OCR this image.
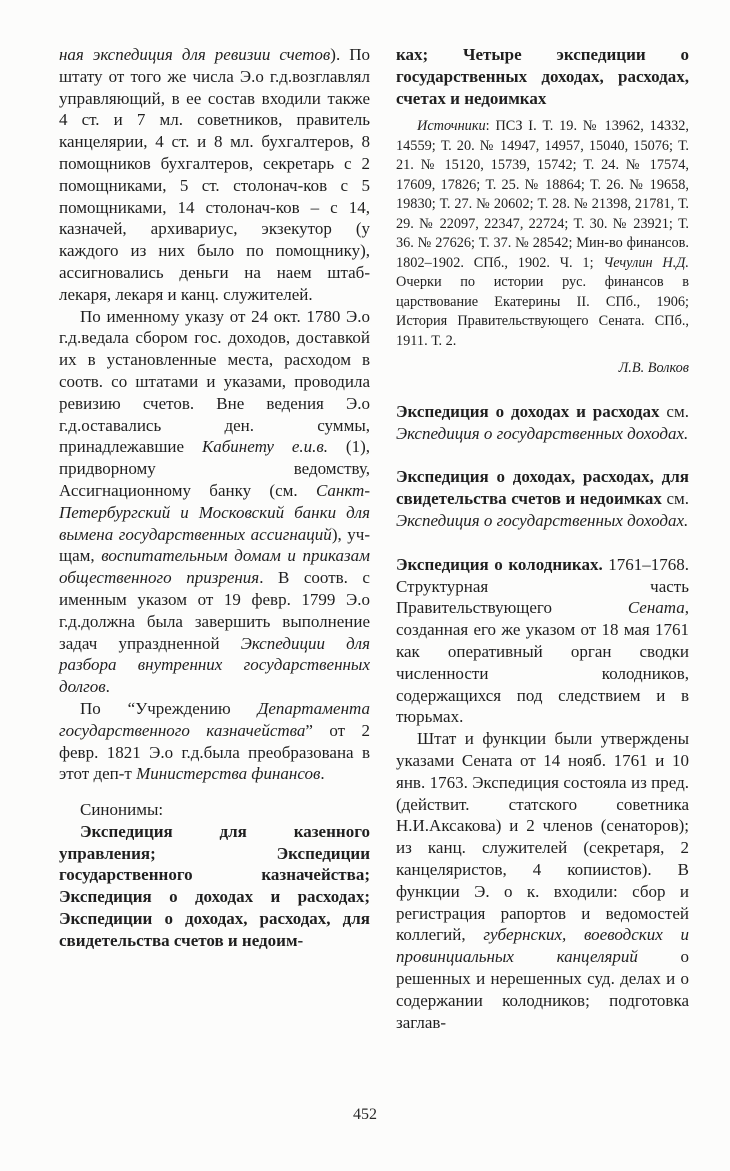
ная экспедиция для ревизии счетов). По штату от того же числа Э.о г.д.возглавлял управляющий, в ее состав входили также 4 ст. и 7 мл. советников, правитель канцелярии, 4 ст. и 8 мл. бухгалтеров, 8 помощников бухгалтеров, секретарь с 2 помощниками, 5 ст. столонач-ков с 5 помощниками, 14 столонач-ков – с 14, казначей, архивариус, экзекутор (у каждого из них было по помощнику), ассигновались деньги на наем штаб-лекаря, лекаря и канц. служителей.

По именному указу от 24 окт. 1780 Э.о г.д.ведала сбором гос. доходов, доставкой их в установленные места, расходом в соотв. со штатами и указами, проводила ревизию счетов. Вне ведения Э.о г.д.оставались ден. суммы, принадлежавшие Кабинету е.и.в. (1), придворному ведомству, Ассигнационному банку (см. Санкт-Петербургский и Московский банки для вымена государственных ассигнаций), уч-щам, воспитательным домам и приказам общественного призрения. В соотв. с именным указом от 19 февр. 1799 Э.о г.д.должна была завершить выполнение задач упраздненной Экспедиции для разбора внутренних государственных долгов.

По “Учреждению Департамента государственного казначейства” от 2 февр. 1821 Э.о г.д.была преобразована в этот деп-т Министерства финансов.

Синонимы:

Экспедиция для казенного управления; Экспедиции государственного казначейства; Экспедиция о доходах и расходах; Экспедиции о доходах, расходах, для свидетельства счетов и недоим-

ках; Четыре экспедиции о государственных доходах, расходах, счетах и недоимках

Источники: ПСЗ I. Т. 19. № 13962, 14332, 14559; Т. 20. № 14947, 14957, 15040, 15076; Т. 21. № 15120, 15739, 15742; Т. 24. № 17574, 17609, 17826; Т. 25. № 18864; Т. 26. № 19658, 19830; Т. 27. № 20602; Т. 28. № 21398, 21781, Т. 29. № 22097, 22347, 22724; Т. 30. № 23921; Т. 36. № 27626; Т. 37. № 28542; Мин-во финансов. 1802–1902. СПб., 1902. Ч. 1; Чечулин Н.Д. Очерки по истории рус. финансов в царствование Екатерины II. СПб., 1906; История Правительствующего Сената. СПб., 1911. Т. 2.

Л.В. Волков

Экспедиция о доходах и расходах см. Экспедиция о государственных доходах.

Экспедиция о доходах, расходах, для свидетельства счетов и недоимках см. Экспедиция о государственных доходах.

Экспедиция о колодниках. 1761–1768. Структурная часть Правительствующего Сената, созданная его же указом от 18 мая 1761 как оперативный орган сводки численности колодников, содержащихся под следствием и в тюрьмах.

Штат и функции были утверждены указами Сената от 14 нояб. 1761 и 10 янв. 1763. Экспедиция состояла из пред. (действит. статского советника Н.И.Аксакова) и 2 членов (сенаторов); из канц. служителей (секретаря, 2 канцеляристов, 4 копиистов). В функции Э. о к. входили: сбор и регистрация рапортов и ведомостей коллегий, губернских, воеводских и провинциальных канцелярий о решенных и нерешенных суд. делах и о содержании колодников; подготовка заглав-

452
